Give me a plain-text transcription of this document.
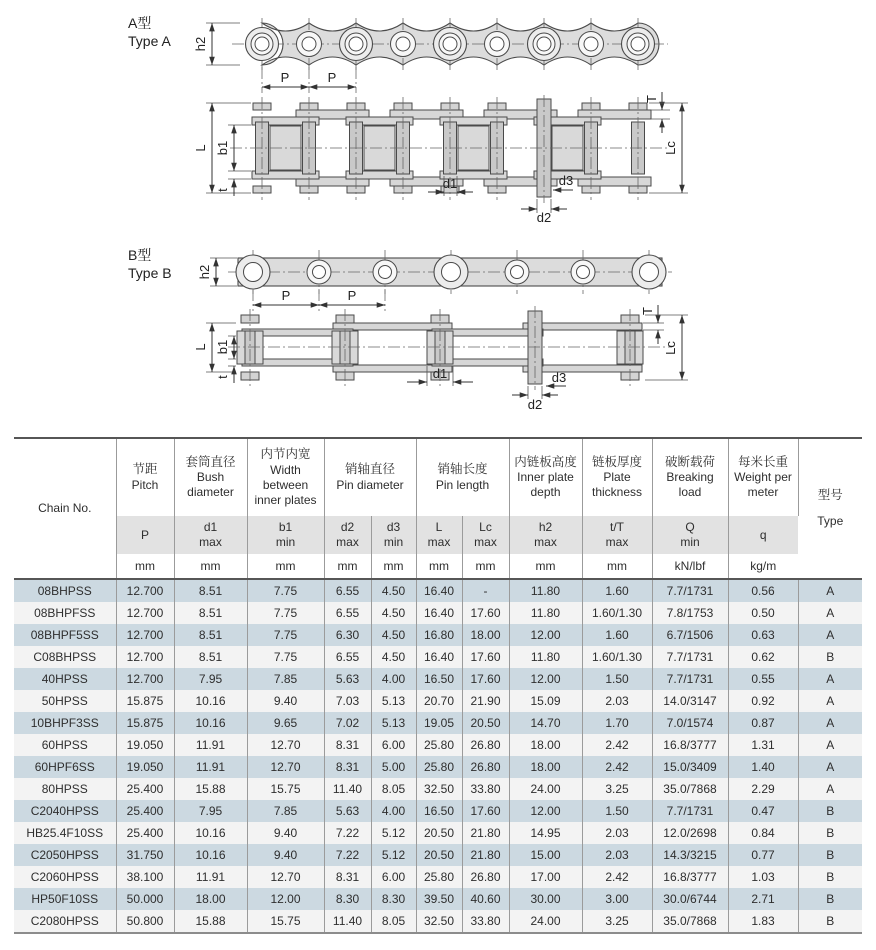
A型
Type A h2
P	P
L b1
t	d1	d3
d2
T
Lc
B型
Type B h2
P	P
L b1
t	d1	d3
d2
T
Lc
Chain No.

节距
Pitch

套筒直径
Bush diameter

内节内宽
Width between inner plates

销轴直径
Pin diameter

销轴长度
Pin length

内链板高度
Inner plate depth

链板厚度
Plate thickness

破断载荷
Breaking load

每米长重
Weight per meter	型号
Type

P

d1
max

b1
min

d2
max

d3
min

L
max

Lc
max

h2
max

t/T
max

Q
min

q

	mm	mm	mm	mm	mm	mm	mm	mm	mm	kN/lbf	kg/m	
08BHPSS	12.700	8.51	7.75	6.55	4.50	16.40	-	11.80	1.60	7.7/1731	0.56	A
08BHPFSS	12.700	8.51	7.75	6.55	4.50	16.40	17.60	11.80	1.60/1.30	7.8/1753	0.50	A
08BHPF5SS	12.700	8.51	7.75	6.30	4.50	16.80	18.00	12.00	1.60	6.7/1506	0.63	A
C08BHPSS	12.700	8.51	7.75	6.55	4.50	16.40	17.60	11.80	1.60/1.30	7.7/1731	0.62	B
40HPSS	12.700	7.95	7.85	5.63	4.00	16.50	17.60	12.00	1.50	7.7/1731	0.55	A
50HPSS	15.875	10.16	9.40	7.03	5.13	20.70	21.90	15.09	2.03	14.0/3147	0.92	A
10BHPF3SS	15.875	10.16	9.65	7.02	5.13	19.05	20.50	14.70	1.70	7.0/1574	0.87	A
60HPSS	19.050	11.91	12.70	8.31	6.00	25.80	26.80	18.00	2.42	16.8/3777	1.31	A
60HPF6SS	19.050	11.91	12.70	8.31	5.00	25.80	26.80	18.00	2.42	15.0/3409	1.40	A
80HPSS	25.400	15.88	15.75	11.40	8.05	32.50	33.80	24.00	3.25	35.0/7868	2.29	A
C2040HPSS	25.400	7.95	7.85	5.63	4.00	16.50	17.60	12.00	1.50	7.7/1731	0.47	B
HB25.4F10SS	25.400	10.16	9.40	7.22	5.12	20.50	21.80	14.95	2.03	12.0/2698	0.84	B
C2050HPSS	31.750	10.16	9.40	7.22	5.12	20.50	21.80	15.00	2.03	14.3/3215	0.77	B
C2060HPSS	38.100	11.91	12.70	8.31	6.00	25.80	26.80	17.00	2.42	16.8/3777	1.03	B
HP50F10SS	50.000	18.00	12.00	8.30	8.30	39.50	40.60	30.00	3.00	30.0/6744	2.71	B
C2080HPSS	50.800	15.88	15.75	11.40	8.05	32.50	33.80	24.00	3.25	35.0/7868	1.83	B
